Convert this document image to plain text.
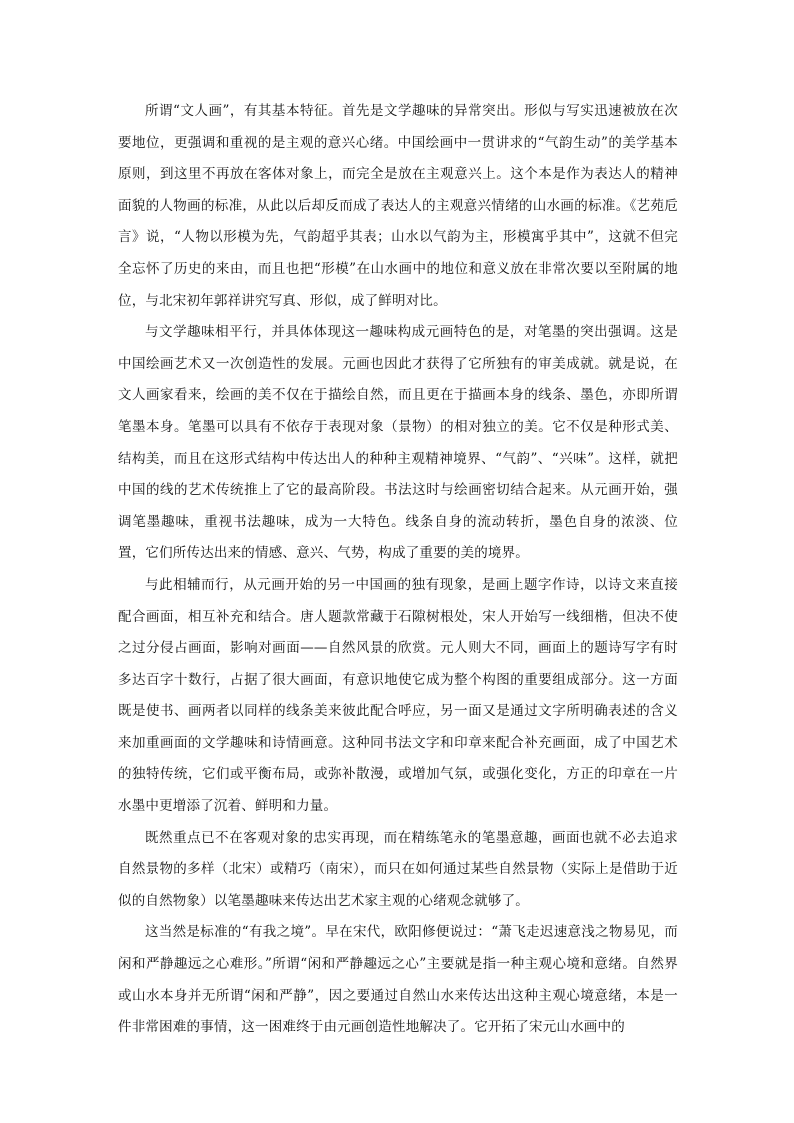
所谓“文人画”，有其基本特征。首先是文学趣味的异常突出。形似与写实迅速被放在次要地位，更强调和重视的是主观的意兴心绪。中国绘画中一贯讲求的“气韵生动”的美学基本原则，到这里不再放在客体对象上，而完全是放在主观意兴上。这个本是作为表达人的精神面貌的人物画的标准，从此以后却反而成了表达人的主观意兴情绪的山水画的标准。《艺苑卮言》说，“人物以形模为先，气韵超乎其表；山水以气韵为主，形模寓乎其中”，这就不但完全忘怀了历史的来由，而且也把“形模”在山水画中的地位和意义放在非常次要以至附属的地位，与北宋初年郭祥讲究写真、形似，成了鲜明对比。

与文学趣味相平行，并具体体现这一趣味构成元画特色的是，对笔墨的突出强调。这是中国绘画艺术又一次创造性的发展。元画也因此才获得了它所独有的审美成就。就是说，在文人画家看来，绘画的美不仅在于描绘自然，而且更在于描画本身的线条、墨色，亦即所谓笔墨本身。笔墨可以具有不依存于表现对象（景物）的相对独立的美。它不仅是种形式美、结构美，而且在这形式结构中传达出人的种种主观精神境界、“气韵”、“兴味”。这样，就把中国的线的艺术传统推上了它的最高阶段。书法这时与绘画密切结合起来。从元画开始，强调笔墨趣味，重视书法趣味，成为一大特色。线条自身的流动转折，墨色自身的浓淡、位置，它们所传达出来的情感、意兴、气势，构成了重要的美的境界。

与此相辅而行，从元画开始的另一中国画的独有现象，是画上题字作诗，以诗文来直接配合画面，相互补充和结合。唐人题款常藏于石隙树根处，宋人开始写一线细楷，但决不使之过分侵占画面，影响对画面——自然风景的欣赏。元人则大不同，画面上的题诗写字有时多达百字十数行，占据了很大画面，有意识地使它成为整个构图的重要组成部分。这一方面既是使书、画两者以同样的线条美来彼此配合呼应，另一面又是通过文字所明确表述的含义来加重画面的文学趣味和诗情画意。这种同书法文字和印章来配合补充画面，成了中国艺术的独特传统，它们或平衡布局，或弥补散漫，或增加气氛，或强化变化，方正的印章在一片水墨中更增添了沉着、鲜明和力量。

既然重点已不在客观对象的忠实再现，而在精练笔永的笔墨意趣，画面也就不必去追求自然景物的多样（北宋）或精巧（南宋），而只在如何通过某些自然景物（实际上是借助于近似的自然物象）以笔墨趣味来传达出艺术家主观的心绪观念就够了。

这当然是标准的“有我之境”。早在宋代，欧阳修便说过：“萧飞走迟速意浅之物易见，而闲和严静趣远之心难形。”所谓“闲和严静趣远之心”主要就是指一种主观心境和意绪。自然界或山水本身并无所谓“闲和严静”，因之要通过自然山水来传达出这种主观心境意绪，本是一件非常困难的事情，这一困难终于由元画创造性地解决了。它开拓了宋元山水画中的
